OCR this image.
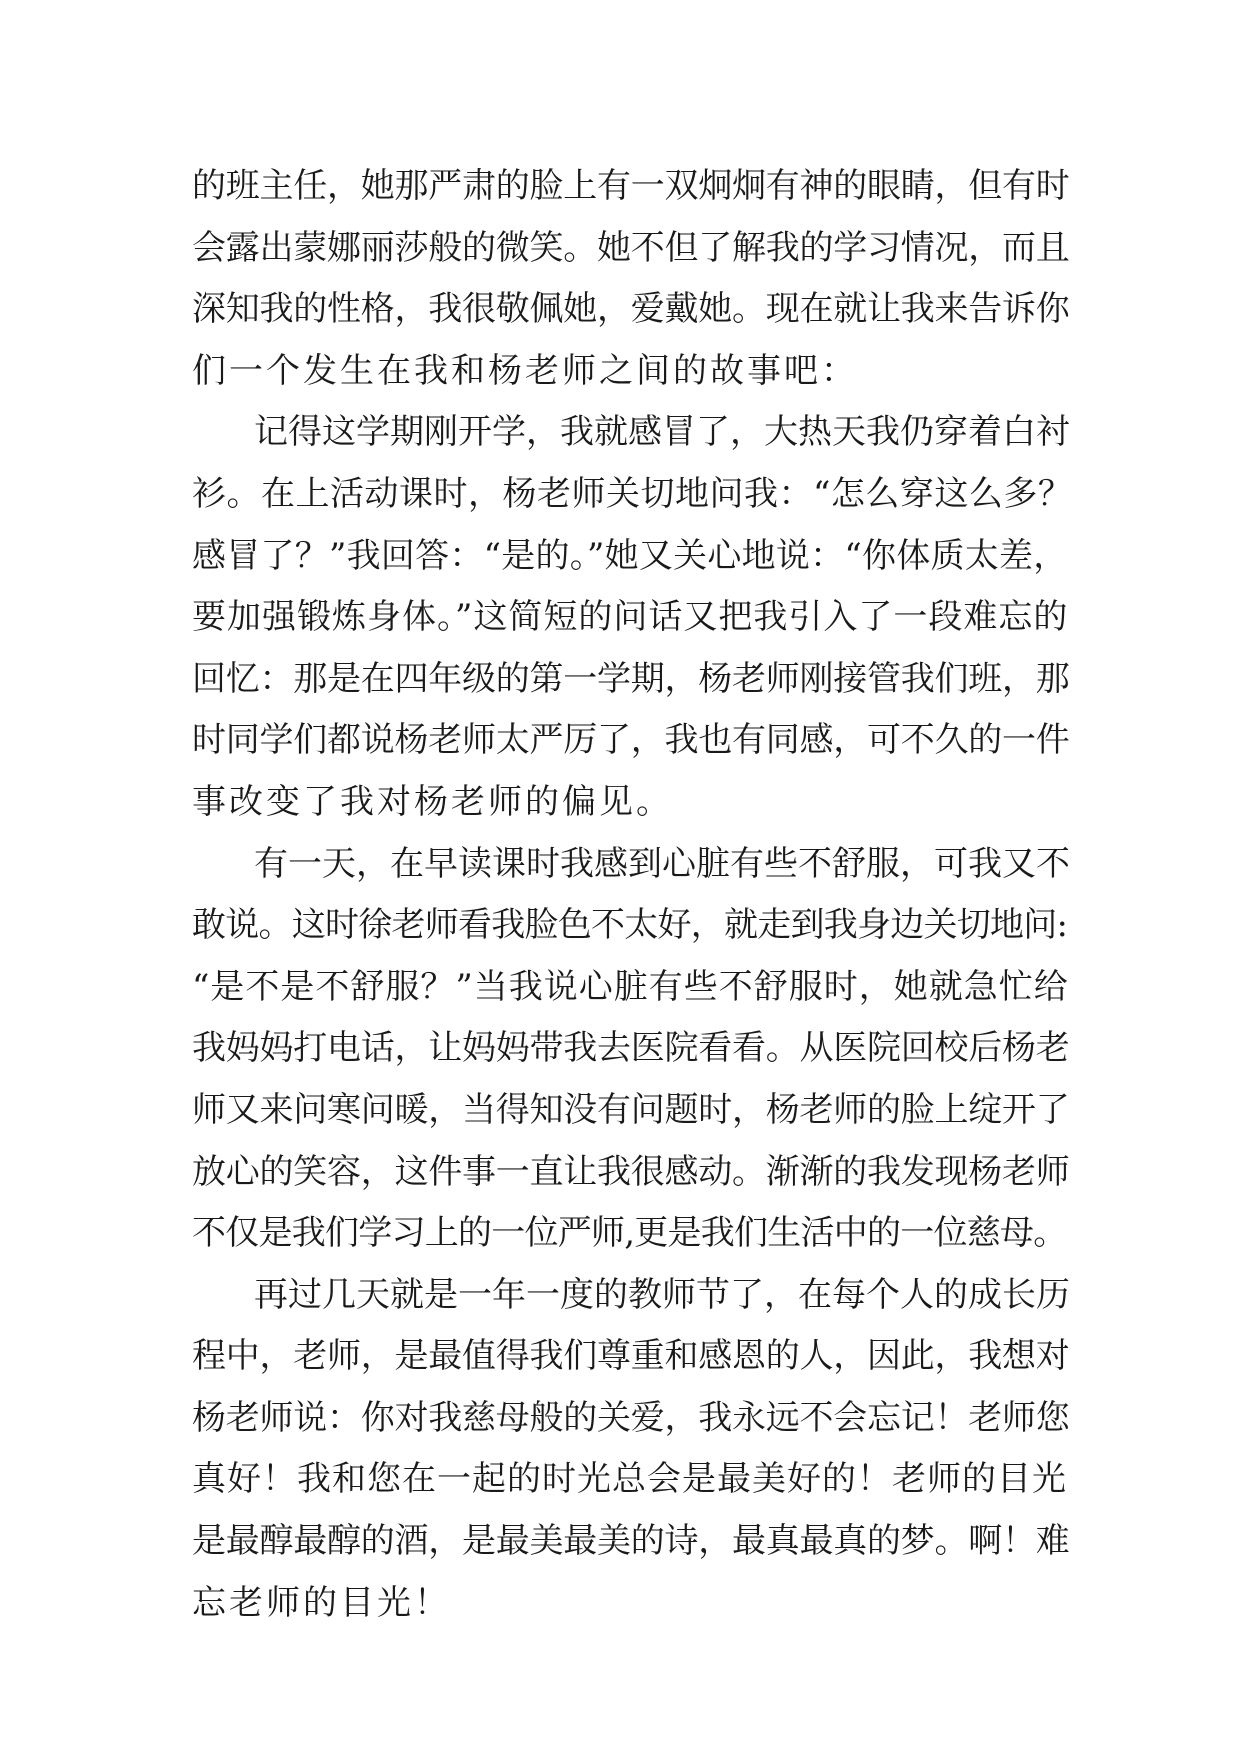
的班主任，她那严肃的脸上有一双炯炯有神的眼睛，但有时
会露出蒙娜丽莎般的微笑。她不但了解我的学习情况，而且
深知我的性格，我很敬佩她，爱戴她。现在就让我来告诉你
们一个发生在我和杨老师之间的故事吧：
记得这学期刚开学，我就感冒了，大热天我仍穿着白衬
衫。在上活动课时，杨老师关切地问我：“怎么穿这么多？
感冒了？”我回答：“是的。”她又关心地说：“你体质太差，
要加强锻炼身体。”这简短的问话又把我引入了一段难忘的
回忆：那是在四年级的第一学期，杨老师刚接管我们班，那
时同学们都说杨老师太严厉了，我也有同感，可不久的一件
事改变了我对杨老师的偏见。
有一天，在早读课时我感到心脏有些不舒服，可我又不
敢说。这时徐老师看我脸色不太好，就走到我身边关切地问:
“是不是不舒服？”当我说心脏有些不舒服时，她就急忙给
我妈妈打电话，让妈妈带我去医院看看。从医院回校后杨老
师又来问寒问暖，当得知没有问题时，杨老师的脸上绽开了
放心的笑容，这件事一直让我很感动。渐渐的我发现杨老师
不仅是我们学习上的一位严师,更是我们生活中的一位慈母。
再过几天就是一年一度的教师节了，在每个人的成长历
程中，老师，是最值得我们尊重和感恩的人，因此，我想对
杨老师说：你对我慈母般的关爱，我永远不会忘记！老师您
真好！我和您在一起的时光总会是最美好的！老师的目光
是最醇最醇的酒，是最美最美的诗，最真最真的梦。啊！难
忘老师的目光！
